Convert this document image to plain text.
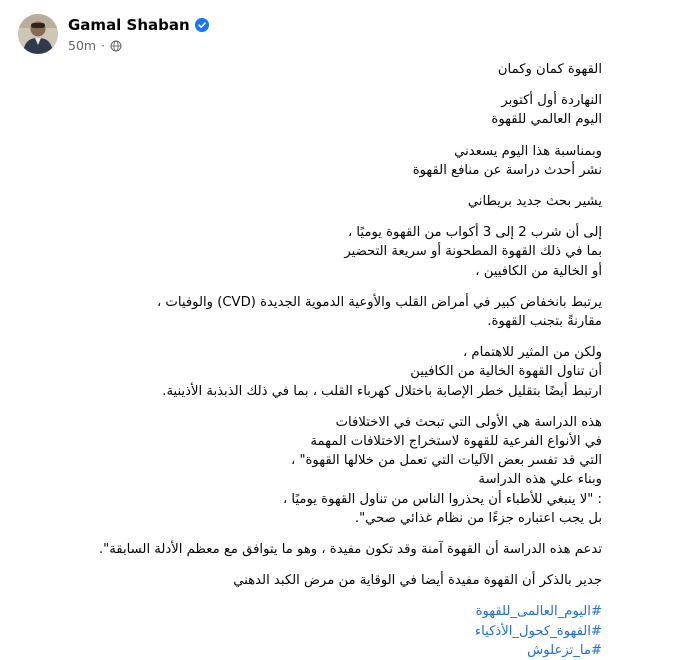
Gamal Shaban
50m ·
القهوة كمان وكمان
النهاردة أول أكتوبر
اليوم العالمي للقهوة
وبمناسبة هذا اليوم يسعدني
نشر أحدث دراسة عن منافع القهوة
يشير بحث جديد بريطاني
إلى أن شرب 2 إلى 3 أكواب من القهوة يوميًا ،
بما في ذلك القهوة المطحونة أو سريعة التحضير
أو الخالية من الكافيين ،
يرتبط بانخفاض كبير في أمراض القلب والأوعية الدموية الجديدة (CVD) والوفيات ،
مقارنةً بتجنب القهوة.
ولكن من المثير للاهتمام ،
أن تناول القهوة الخالية من الكافيين
ارتبط أيضًا بتقليل خطر الإصابة باختلال كهرباء القلب ، بما في ذلك الذبذبة الأذينية.
هذه الدراسة هي الأولى التي تبحث في الاختلافات
في الأنواع الفرعية للقهوة لاستخراج الاختلافات المهمة
التي قد تفسر بعض الآليات التي تعمل من خلالها القهوة" ،
وبناء علي هذه الدراسة
: "لا ينبغي للأطباء أن يحذروا الناس من تناول القهوة يوميًا ،
بل يجب اعتباره جزءًا من نظام غذائي صحي".
تدعم هذه الدراسة أن القهوة آمنة وقد تكون مفيدة ، وهو ما يتوافق مع معظم الأدلة السابقة".
جدير بالذكر أن القهوة مفيدة أيضا في الوقاية من مرض الكبد الدهني
#اليوم_العالمى_للقهوة
#القهوة_كحول_الأذكياء
#ما_تزعلوش
